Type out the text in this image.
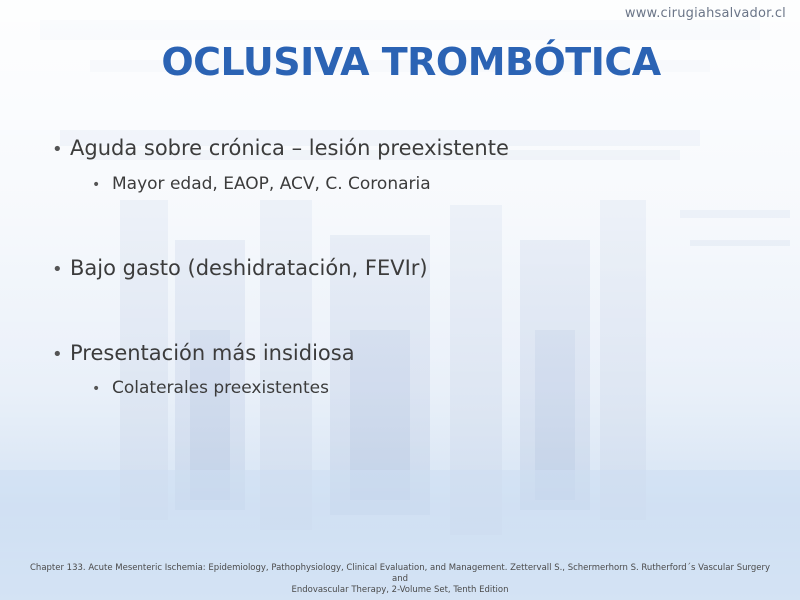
www.cirugiahsalvador.cl
OCLUSIVA TROMBÓTICA
• Aguda sobre crónica – lesión preexistente
• Mayor edad, EAOP, ACV, C. Coronaria
• Bajo gasto (deshidratación, FEVIr)
• Presentación más insidiosa
• Colaterales preexistentes
Chapter 133. Acute Mesenteric Ischemia: Epidemiology, Pathophysiology, Clinical Evaluation, and Management. Zettervall S., Schermerhorn S. Rutherford´s Vascular Surgery and
Endovascular Therapy, 2-Volume Set, Tenth Edition
